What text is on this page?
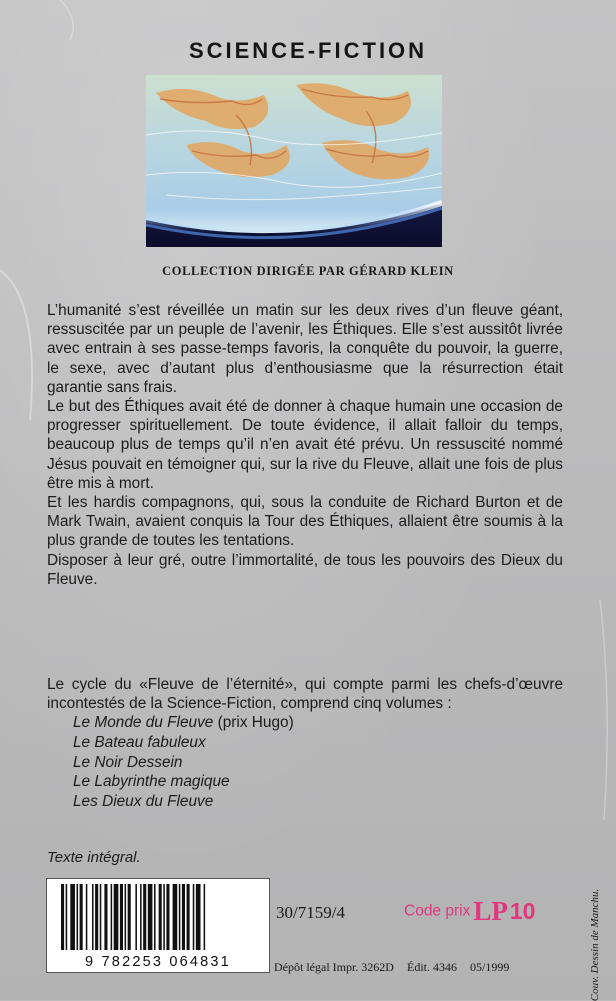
SCIENCE-FICTION
COLLECTION DIRIGÉE PAR GÉRARD KLEIN

L’humanité s’est réveillée un matin sur les deux rives d’un fleuve géant, ressuscitée par un peuple de l’avenir, les Éthiques. Elle s’est aussitôt livrée avec entrain à ses passe-temps favoris, la conquête du pouvoir, la guerre, le sexe, avec d’autant plus d’enthousiasme que la résurrection était garantie sans frais.

Le but des Éthiques avait été de donner à chaque humain une occasion de progresser spirituellement. De toute évidence, il allait falloir du temps, beaucoup plus de temps qu’il n’en avait été prévu. Un ressuscité nommé Jésus pouvait en témoigner qui, sur la rive du Fleuve, allait une fois de plus être mis à mort.

Et les hardis compagnons, qui, sous la conduite de Richard Burton et de Mark Twain, avaient conquis la Tour des Éthiques, allaient être soumis à la plus grande de toutes les tentations.

Disposer à leur gré, outre l’immortalité, de tous les pouvoirs des Dieux du Fleuve.

Le cycle du «Fleuve de l’éternité», qui compte parmi les chefs-d’œuvre incontestés de la Science-Fiction, comprend cinq volumes :

Le Monde du Fleuve (prix Hugo)
Le Bateau fabuleux
Le Noir Dessein
Le Labyrinthe magique
Les Dieux du Fleuve
Texte intégral.
9 782253 064831
30/7159/4	Code prix LP10
Dépôt légal Impr. 3262D Édit. 4346 05/1999	Couv. Dessin de Manchu.
